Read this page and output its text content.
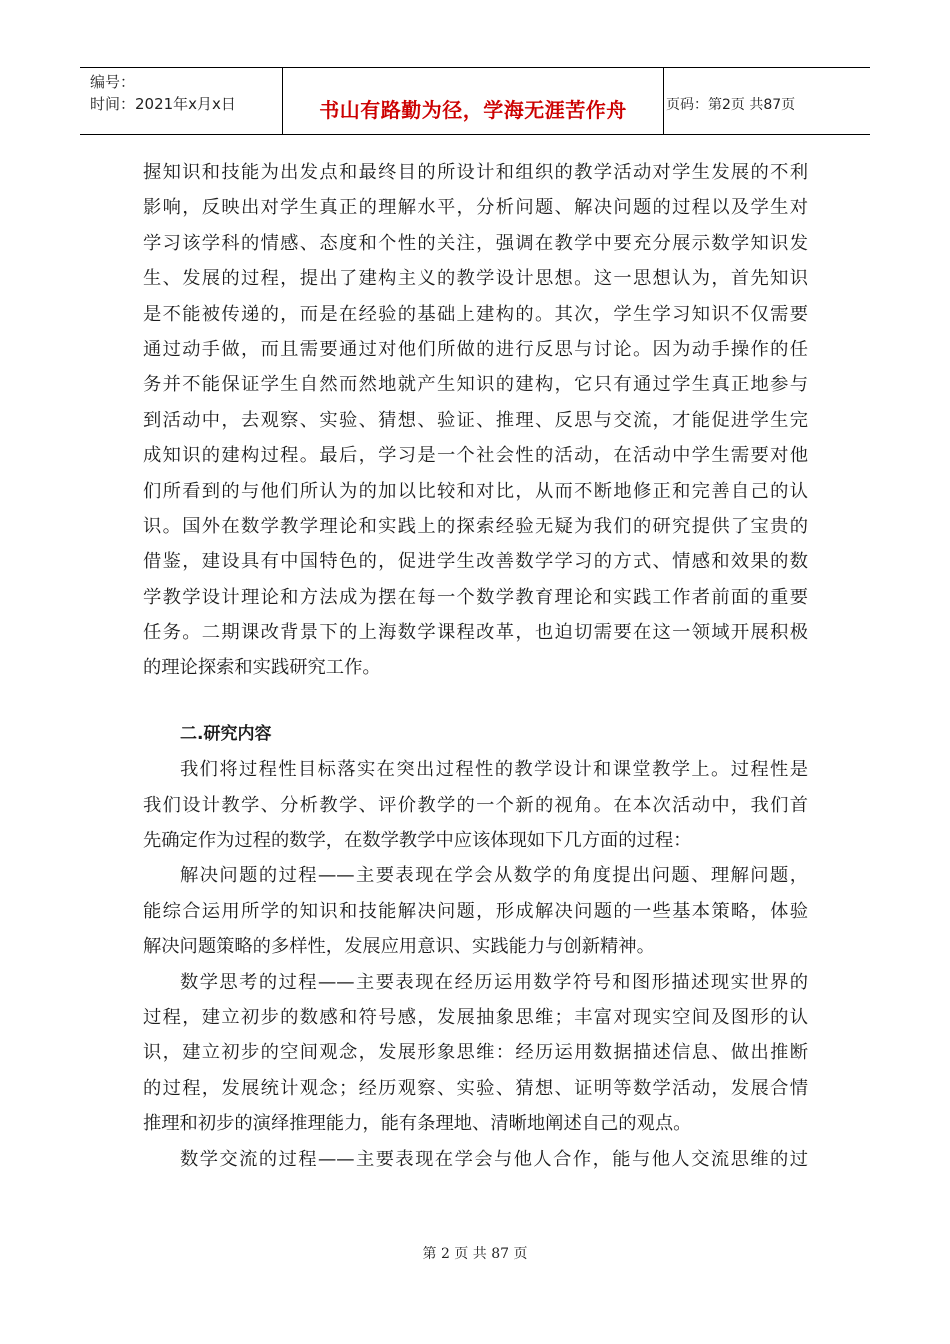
编号：
时间：2021年x月x日	书山有路勤为径，学海无涯苦作舟	页码：第2页 共87页
握知识和技能为出发点和最终目的所设计和组织的教学活动对学生发展的不利
影响，反映出对学生真正的理解水平，分析问题、解决问题的过程以及学生对
学习该学科的情感、态度和个性的关注，强调在教学中要充分展示数学知识发
生、发展的过程，提出了建构主义的教学设计思想。这一思想认为，首先知识
是不能被传递的，而是在经验的基础上建构的。其次，学生学习知识不仅需要
通过动手做，而且需要通过对他们所做的进行反思与讨论。因为动手操作的任
务并不能保证学生自然而然地就产生知识的建构，它只有通过学生真正地参与
到活动中，去观察、实验、猜想、验证、推理、反思与交流，才能促进学生完
成知识的建构过程。最后，学习是一个社会性的活动，在活动中学生需要对他
们所看到的与他们所认为的加以比较和对比，从而不断地修正和完善自己的认
识。国外在数学教学理论和实践上的探索经验无疑为我们的研究提供了宝贵的
借鉴，建设具有中国特色的，促进学生改善数学学习的方式、情感和效果的数
学教学设计理论和方法成为摆在每一个数学教育理论和实践工作者前面的重要
任务。二期课改背景下的上海数学课程改革，也迫切需要在这一领域开展积极
的理论探索和实践研究工作。
二.研究内容
我们将过程性目标落实在突出过程性的教学设计和课堂教学上。过程性是
我们设计教学、分析教学、评价教学的一个新的视角。在本次活动中，我们首
先确定作为过程的数学，在数学教学中应该体现如下几方面的过程：
解决问题的过程——主要表现在学会从数学的角度提出问题、理解问题，
能综合运用所学的知识和技能解决问题，形成解决问题的一些基本策略，体验
解决问题策略的多样性，发展应用意识、实践能力与创新精神。
数学思考的过程——主要表现在经历运用数学符号和图形描述现实世界的
过程，建立初步的数感和符号感，发展抽象思维；丰富对现实空间及图形的认
识，建立初步的空间观念，发展形象思维：经历运用数据描述信息、做出推断
的过程，发展统计观念；经历观察、实验、猜想、证明等数学活动，发展合情
推理和初步的演绎推理能力，能有条理地、清晰地阐述自己的观点。
数学交流的过程——主要表现在学会与他人合作，能与他人交流思维的过
第 2 页 共 87 页
